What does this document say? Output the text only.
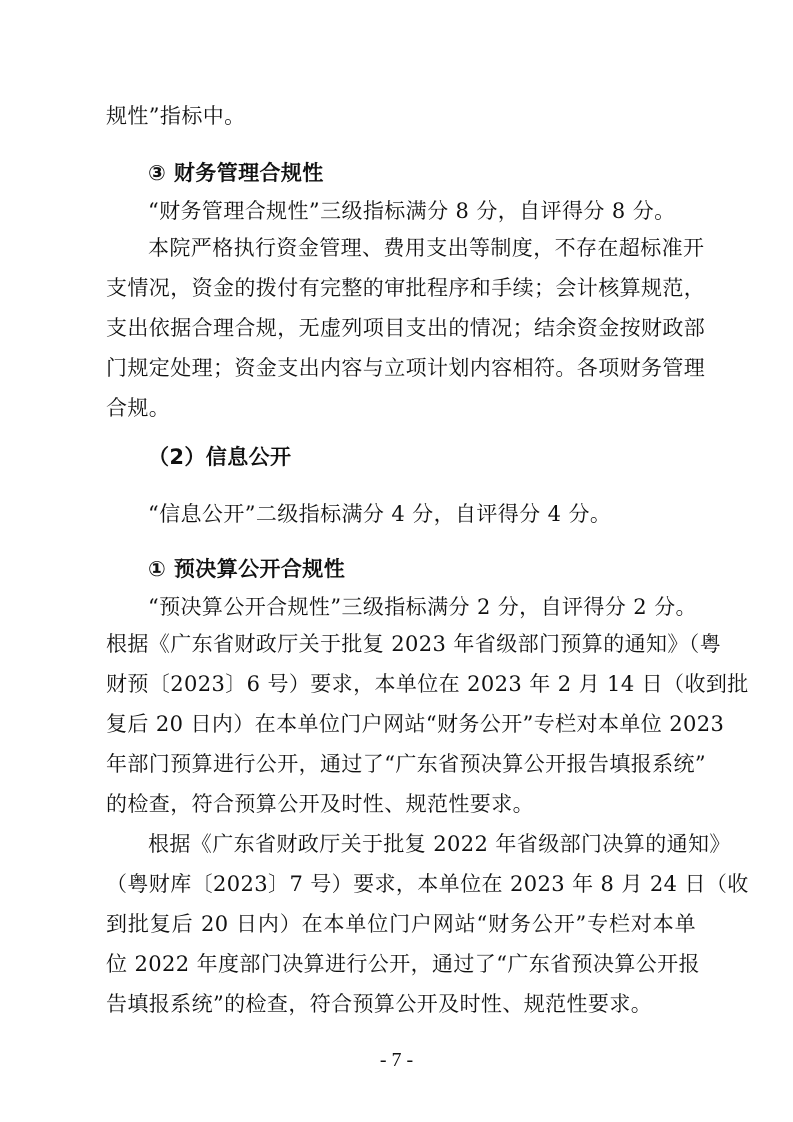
规性”指标中。
③ 财务管理合规性
“财务管理合规性”三级指标满分 8 分，自评得分 8 分。
本院严格执行资金管理、费用支出等制度，不存在超标准开
支情况，资金的拨付有完整的审批程序和手续；会计核算规范，
支出依据合理合规，无虚列项目支出的情况；结余资金按财政部
门规定处理；资金支出内容与立项计划内容相符。各项财务管理
合规。
（2）信息公开
“信息公开”二级指标满分 4 分，自评得分 4 分。
① 预决算公开合规性
“预决算公开合规性”三级指标满分 2 分，自评得分 2 分。
根据《广东省财政厅关于批复 2023 年省级部门预算的通知》（粤
财预〔2023〕6 号）要求，本单位在 2023 年 2 月 14 日（收到批
复后 20 日内）在本单位门户网站“财务公开”专栏对本单位 2023
年部门预算进行公开，通过了“广东省预决算公开报告填报系统”
的检查，符合预算公开及时性、规范性要求。
根据《广东省财政厅关于批复 2022 年省级部门决算的通知》
（粤财库〔2023〕7 号）要求，本单位在 2023 年 8 月 24 日（收
到批复后 20 日内）在本单位门户网站“财务公开”专栏对本单
位 2022 年度部门决算进行公开，通过了“广东省预决算公开报
告填报系统”的检查，符合预算公开及时性、规范性要求。
- 7 -
